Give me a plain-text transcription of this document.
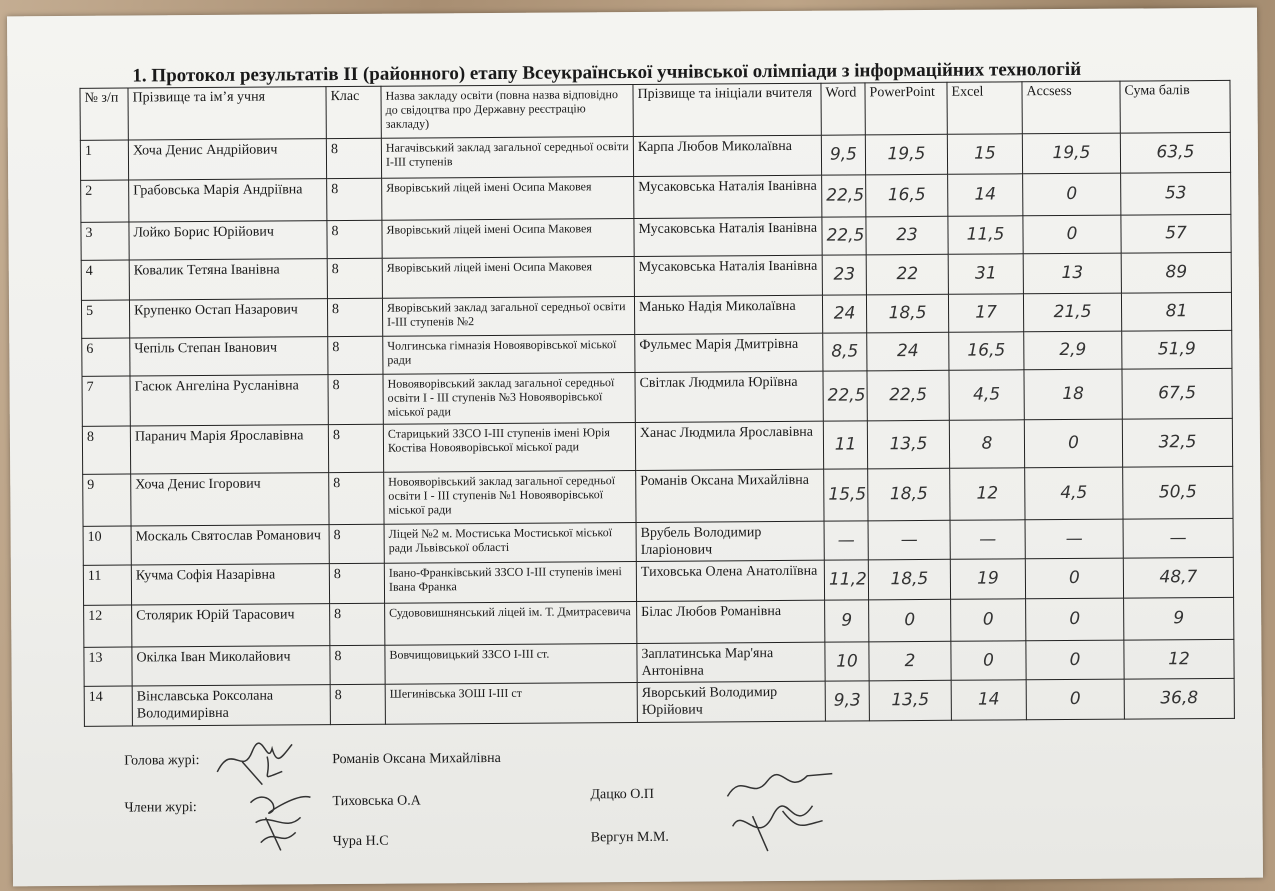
1. Протокол результатів ІІ (районного) етапу Всеукраїнської учнівської олімпіади з інформаційних технологій
№ з/п	Прізвище та ім’я учня	Клас	Назва закладу освіти (повна назва відповідно до свідоцтва про Державну реєстрацію закладу)	Прізвище та ініціали вчителя	Word	PowerPoint	Excel	Accsess	Сума балів
1	Хоча Денис Андрійович	8	Нагачівський заклад загальної середньої освіти І-ІІІ ступенів	Карпа Любов Миколаївна	9,5	19,5	15	19,5	63,5
2	Грабовська Марія Андріївна	8	Яворівський ліцей імені Осипа Маковея	Мусаковська Наталія Іванівна	22,5	16,5	14	0	53
3	Лойко Борис Юрійович	8	Яворівський ліцей імені Осипа Маковея	Мусаковська Наталія Іванівна	22,5	23	11,5	0	57
4	Ковалик Тетяна Іванівна	8	Яворівський ліцей імені Осипа Маковея	Мусаковська Наталія Іванівна	23	22	31	13	89
5	Крупенко Остап Назарович	8	Яворівський заклад загальної середньої освіти І-ІІІ ступенів №2	Манько Надія Миколаївна	24	18,5	17	21,5	81
6	Чепіль Степан Іванович	8	Чолгинська гімназія Новояворівської міської ради	Фульмес Марія Дмитрівна	8,5	24	16,5	2,9	51,9
7	Гасюк Ангеліна Русланівна	8	Новояворівський заклад загальної середньої освіти І - ІІІ ступенів №3 Новояворівської міської ради	Світлак Людмила Юріївна	22,5	22,5	4,5	18	67,5
8	Паранич Марія Ярославівна	8	Старицький ЗЗСО І-ІІІ ступенів імені Юрія Костіва Новояворівської міської ради	Ханас Людмила Ярославівна	11	13,5	8	0	32,5
9	Хоча Денис Ігорович	8	Новояворівський заклад загальної середньої освіти І - ІІІ ступенів №1 Новояворівської міської ради	Романів Оксана Михайлівна	15,5	18,5	12	4,5	50,5
10	Москаль Святослав Романович	8	Ліцей №2 м. Мостиська Мостиської міської ради Львівської області	Врубель Володимир Іларіонович	—	—	—	—	—
11	Кучма Софія Назарівна	8	Івано-Франківський ЗЗСО І-ІІІ ступенів імені Івана Франка	Тиховська Олена Анатоліївна	11,2	18,5	19	0	48,7
12	Столярик Юрій Тарасович	8	Судововишнянський ліцей ім. Т. Дмитрасевича	Білас Любов Романівна	9	0	0	0	9
13	Окілка Іван Миколайович	8	Вовчищовицький ЗЗСО І-ІІІ ст.	Заплатинська Мар'яна Антонівна	10	2	0	0	12
14	Вінславська Роксолана Володимирівна	8	Шегинівська ЗОШ І-ІІІ ст	Яворський Володимир Юрійович	9,3	13,5	14	0	36,8
Голова журі:	Романів Оксана Михайлівна
Члени журі:	Тиховська О.А	Дацко О.П
Чура Н.С	Вергун М.М.
